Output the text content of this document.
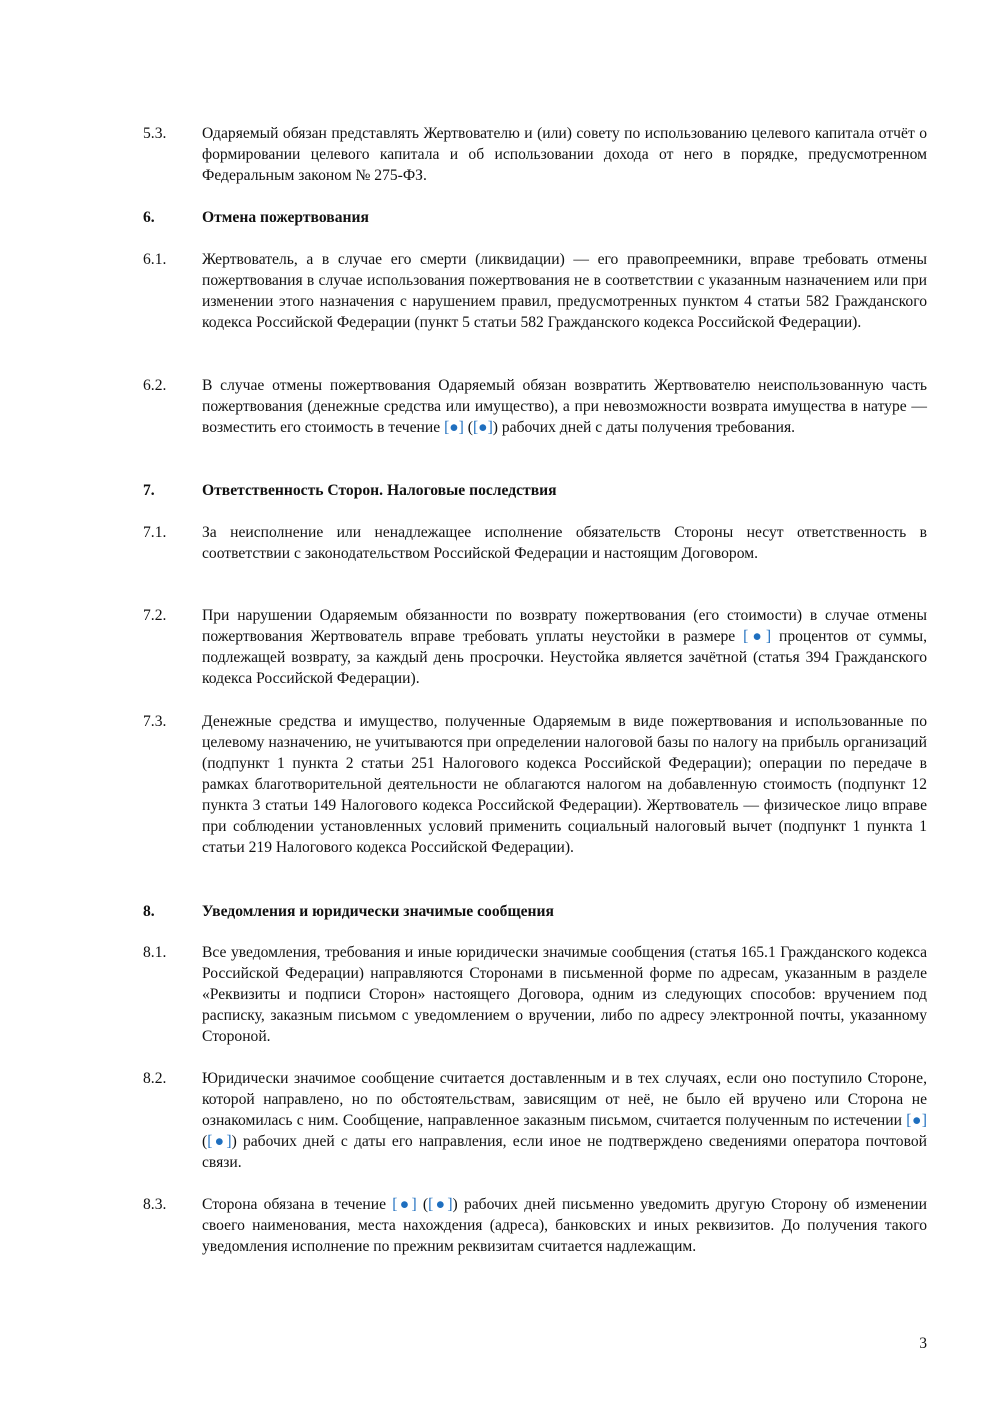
5.3. Одаряемый обязан представлять Жертвователю и (или) совету по использованию целевого капитала отчёт о формировании целевого капитала и об использовании дохода от него в порядке, предусмотренном Федеральным законом № 275-ФЗ.
6.	Отмена пожертвования
6.1. Жертвователь, а в случае его смерти (ликвидации) — его правопреемники, вправе требовать отмены пожертвования в случае использования пожертвования не в соответствии с указанным назначением или при изменении этого назначения с нарушением правил, предусмотренных пунктом 4 статьи 582 Гражданского кодекса Российской Федерации (пункт 5 статьи 582 Гражданского кодекса Российской Федерации).
6.2. В случае отмены пожертвования Одаряемый обязан возвратить Жертвователю неиспользованную часть пожертвования (денежные средства или имущество), а при невозможности возврата имущества в натуре — возместить его стоимость в течение [●] ([●]) рабочих дней с даты получения требования.
7.	Ответственность Сторон. Налоговые последствия
7.1. За неисполнение или ненадлежащее исполнение обязательств Стороны несут ответственность в соответствии с законодательством Российской Федерации и настоящим Договором.
7.2. При нарушении Одаряемым обязанности по возврату пожертвования (его стоимости) в случае отмены пожертвования Жертвователь вправе требовать уплаты неустойки в размере [●] процентов от суммы, подлежащей возврату, за каждый день просрочки. Неустойка является зачётной (статья 394 Гражданского кодекса Российской Федерации).
7.3. Денежные средства и имущество, полученные Одаряемым в виде пожертвования и использованные по целевому назначению, не учитываются при определении налоговой базы по налогу на прибыль организаций (подпункт 1 пункта 2 статьи 251 Налогового кодекса Российской Федерации); операции по передаче в рамках благотворительной деятельности не облагаются налогом на добавленную стоимость (подпункт 12 пункта 3 статьи 149 Налогового кодекса Российской Федерации). Жертвователь — физическое лицо вправе при соблюдении установленных условий применить социальный налоговый вычет (подпункт 1 пункта 1 статьи 219 Налогового кодекса Российской Федерации).
8.	Уведомления и юридически значимые сообщения
8.1. Все уведомления, требования и иные юридически значимые сообщения (статья 165.1 Гражданского кодекса Российской Федерации) направляются Сторонами в письменной форме по адресам, указанным в разделе «Реквизиты и подписи Сторон» настоящего Договора, одним из следующих способов: вручением под расписку, заказным письмом с уведомлением о вручении, либо по адресу электронной почты, указанному Стороной.
8.2. Юридически значимое сообщение считается доставленным и в тех случаях, если оно поступило Стороне, которой направлено, но по обстоятельствам, зависящим от неё, не было ей вручено или Сторона не ознакомилась с ним. Сообщение, направленное заказным письмом, считается полученным по истечении [●] ([●]) рабочих дней с даты его направления, если иное не подтверждено сведениями оператора почтовой связи.
8.3. Сторона обязана в течение [●] ([●]) рабочих дней письменно уведомить другую Сторону об изменении своего наименования, места нахождения (адреса), банковских и иных реквизитов. До получения такого уведомления исполнение по прежним реквизитам считается надлежащим.
3
